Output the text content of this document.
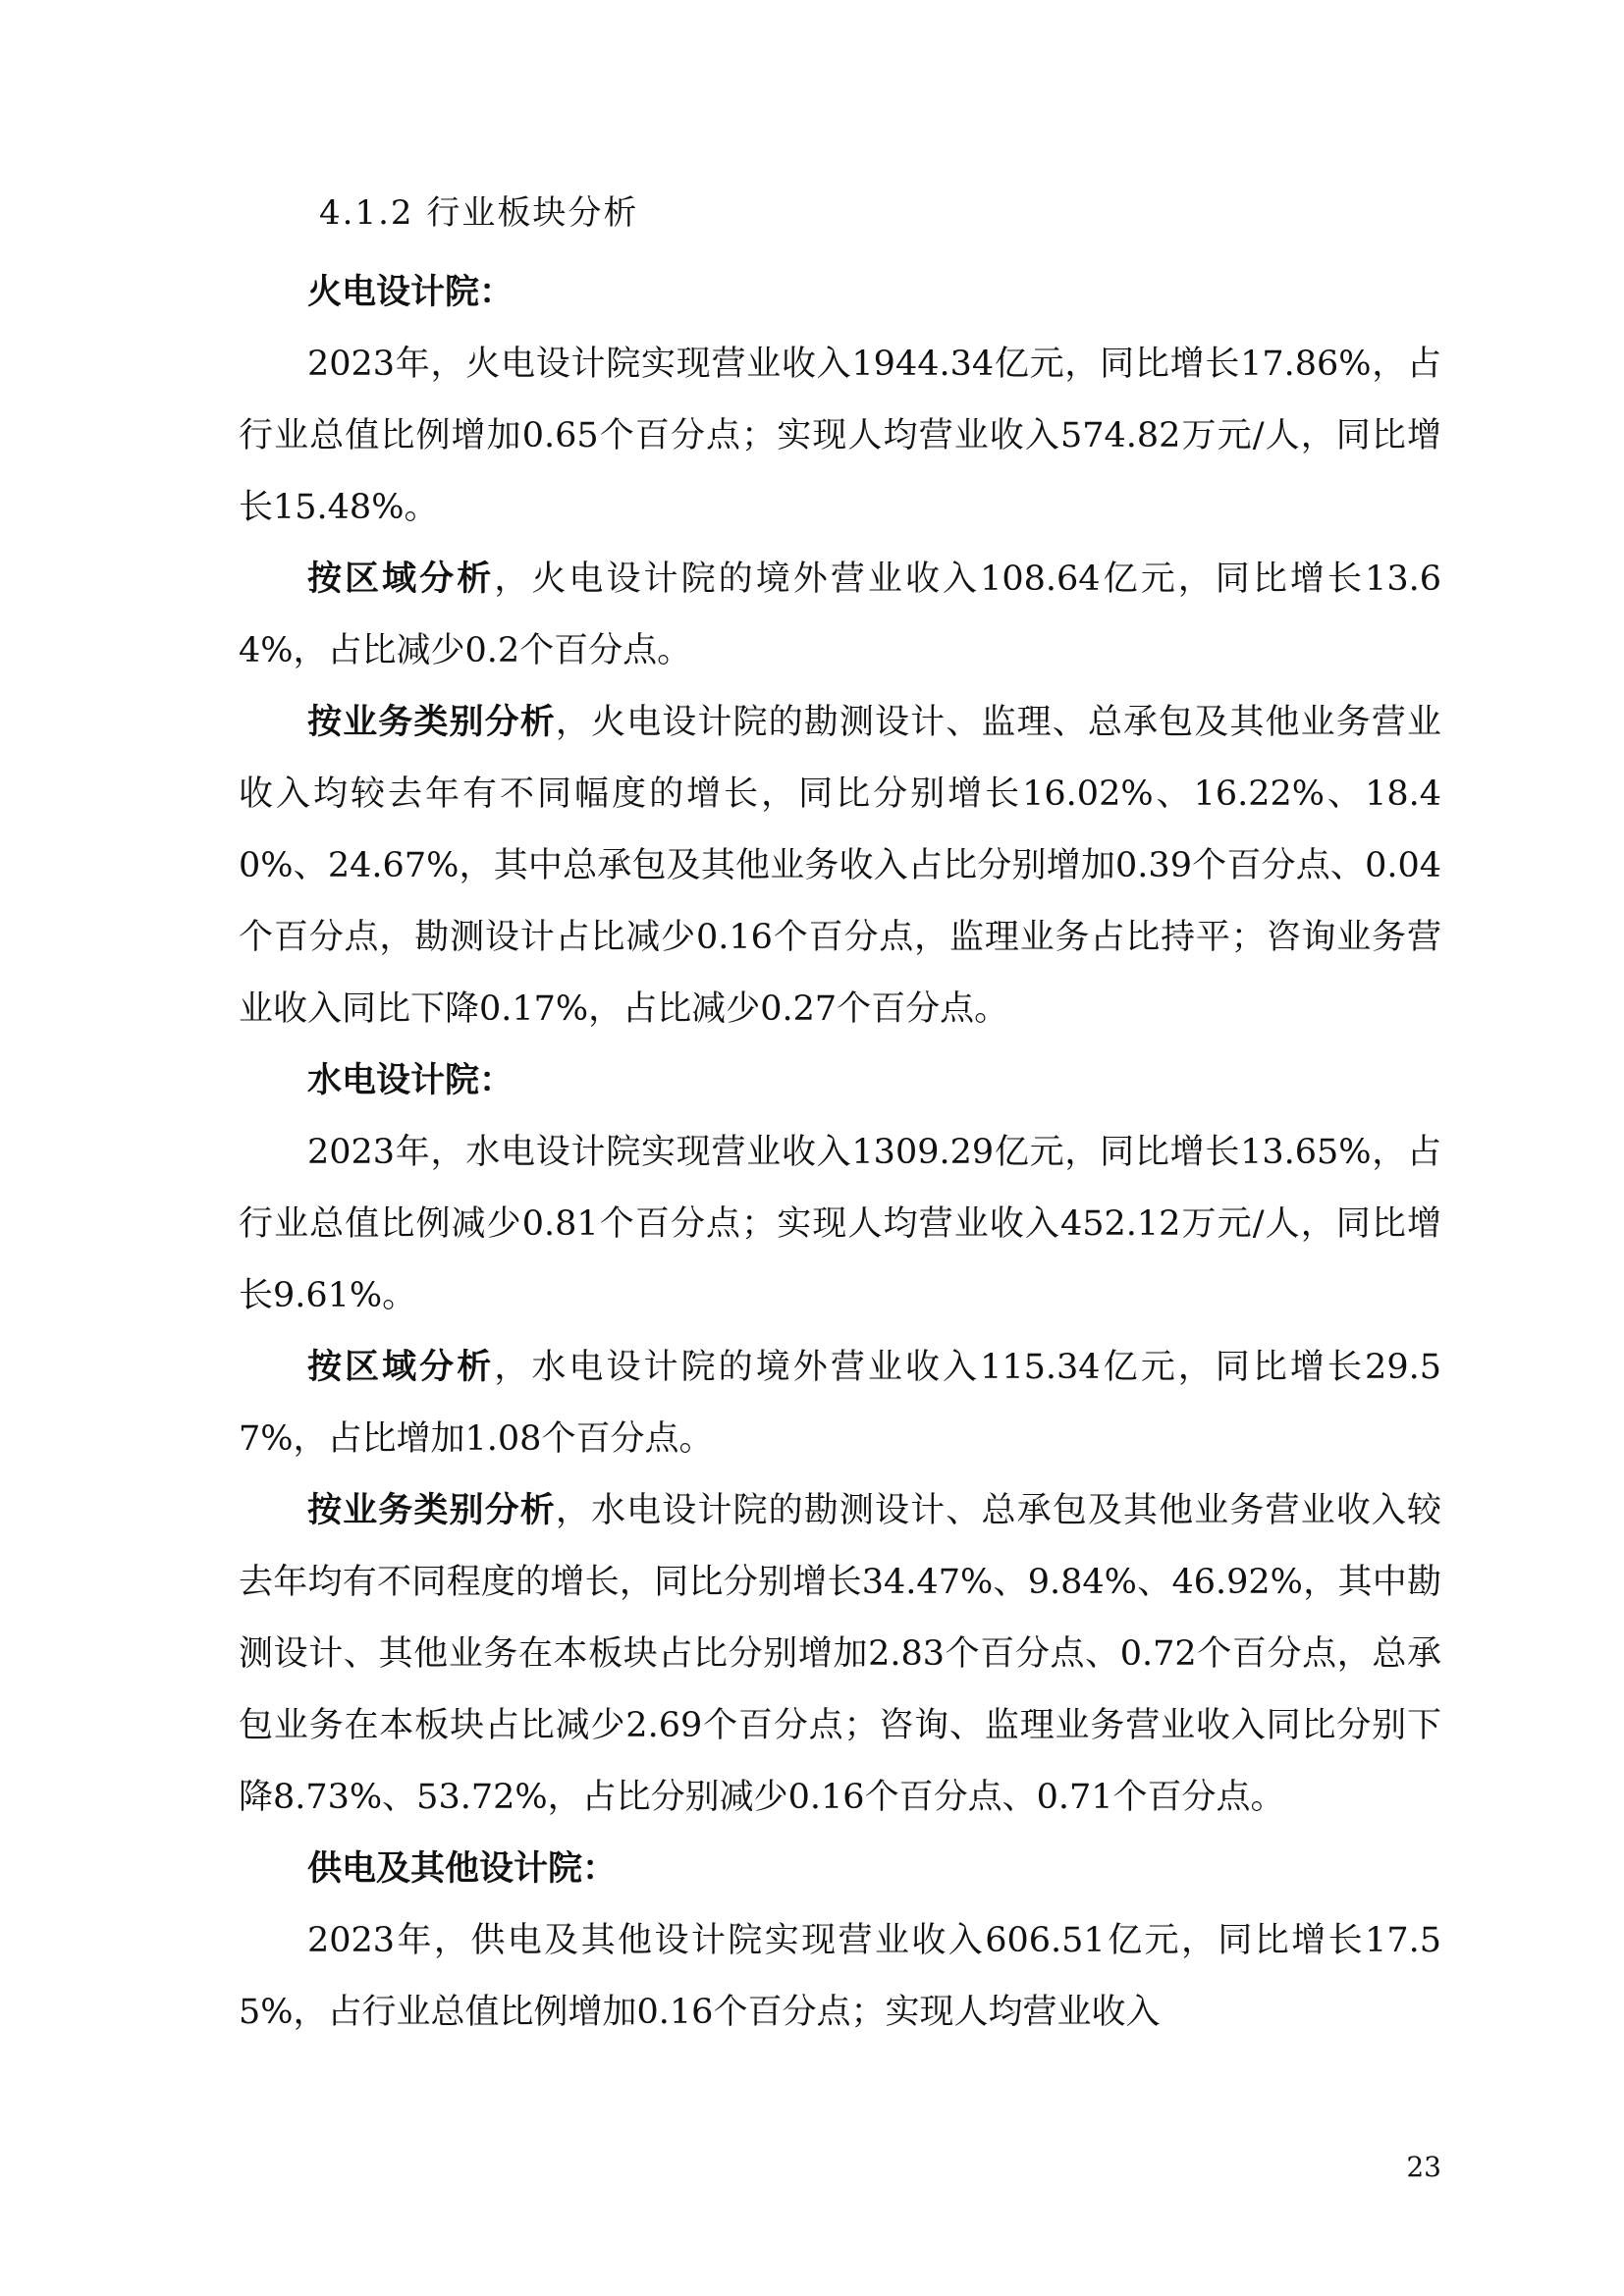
4.1.2 行业板块分析

火电设计院：

2023年，火电设计院实现营业收入1944.34亿元，同比增长17.86%，占行业总值比例增加0.65个百分点；实现人均营业收入574.82万元/人，同比增长15.48%。

按区域分析，火电设计院的境外营业收入108.64亿元，同比增长13.64%，占比减少0.2个百分点。

按业务类别分析，火电设计院的勘测设计、监理、总承包及其他业务营业收入均较去年有不同幅度的增长，同比分别增长16.02%、16.22%、18.40%、24.67%，其中总承包及其他业务收入占比分别增加0.39个百分点、0.04个百分点，勘测设计占比减少0.16个百分点，监理业务占比持平；咨询业务营业收入同比下降0.17%，占比减少0.27个百分点。

水电设计院：

2023年，水电设计院实现营业收入1309.29亿元，同比增长13.65%，占行业总值比例减少0.81个百分点；实现人均营业收入452.12万元/人，同比增长9.61%。

按区域分析，水电设计院的境外营业收入115.34亿元，同比增长29.57%，占比增加1.08个百分点。

按业务类别分析，水电设计院的勘测设计、总承包及其他业务营业收入较去年均有不同程度的增长，同比分别增长34.47%、9.84%、46.92%，其中勘测设计、其他业务在本板块占比分别增加2.83个百分点、0.72个百分点，总承包业务在本板块占比减少2.69个百分点；咨询、监理业务营业收入同比分别下降8.73%、53.72%，占比分别减少0.16个百分点、0.71个百分点。

供电及其他设计院：

2023年，供电及其他设计院实现营业收入606.51亿元，同比增长17.55%，占行业总值比例增加0.16个百分点；实现人均营业收入

23
